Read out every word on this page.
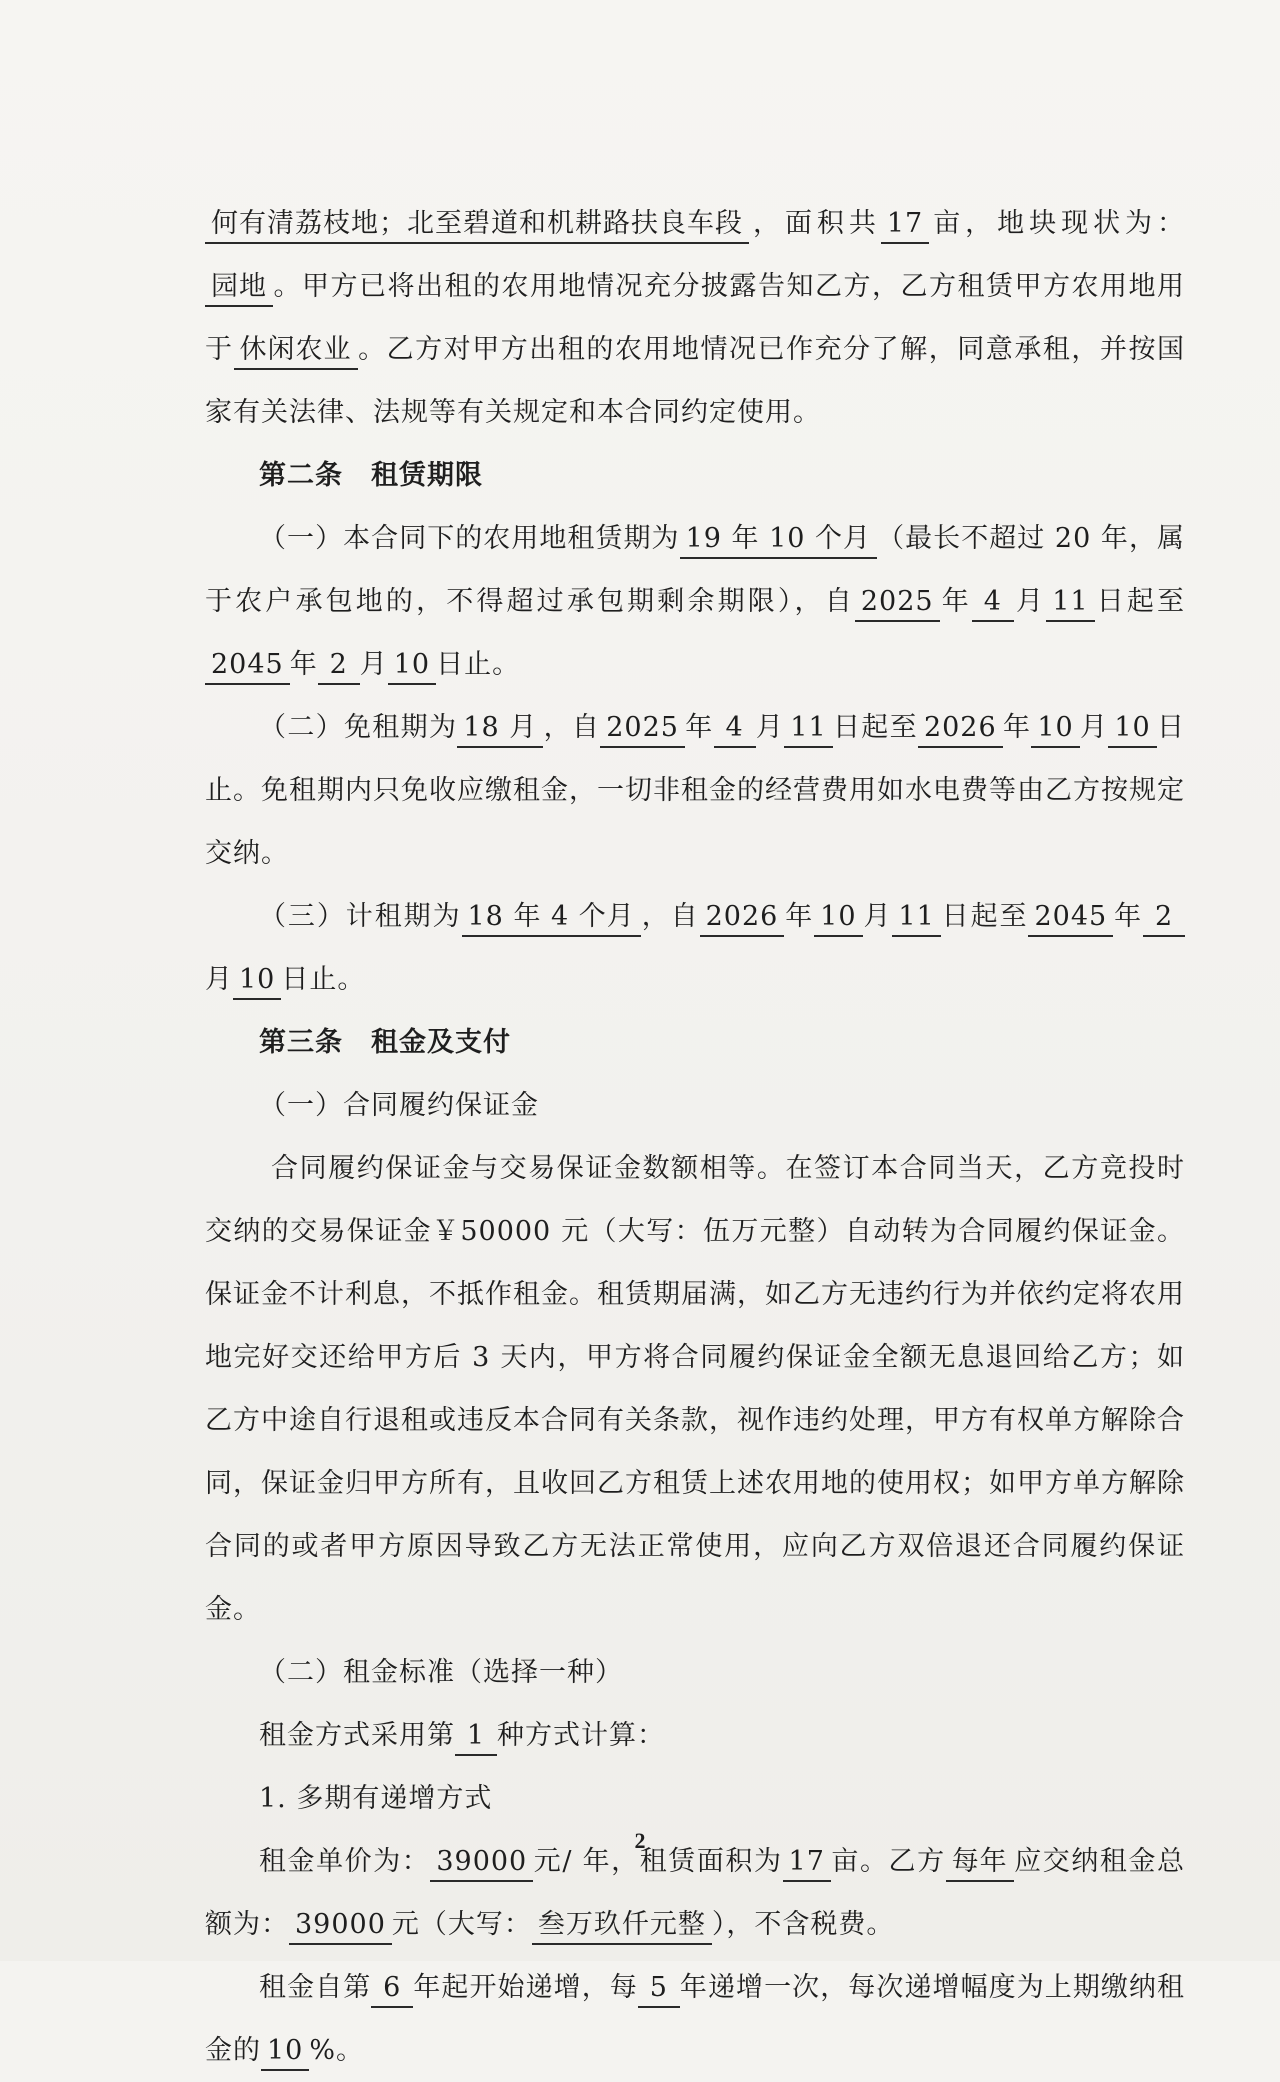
何有清荔枝地；北至碧道和机耕路扶良车段 ，面积共 17 亩，地块现状为：园地 。甲方已将出租的农用地情况充分披露告知乙方，乙方租赁甲方农用地用于 休闲农业 。乙方对甲方出租的农用地情况已作充分了解，同意承租，并按国家有关法律、法规等有关规定和本合同约定使用。

第二条　租赁期限

（一）本合同下的农用地租赁期为 19 年 10 个月 （最长不超过 20 年，属于农户承包地的，不得超过承包期剩余期限），自 2025 年 4 月 11 日起至2045 年 2 月 10 日止。

（二）免租期为 18 月 ，自 2025 年 4 月 11 日起至 2026 年 10 月 10 日止。免租期内只免收应缴租金，一切非租金的经营费用如水电费等由乙方按规定交纳。

（三）计租期为 18 年 4 个月 ，自 2026 年 10 月 11 日起至 2045 年 2月 10 日止。

第三条　租金及支付

（一）合同履约保证金

合同履约保证金与交易保证金数额相等。在签订本合同当天，乙方竞投时交纳的交易保证金￥50000 元（大写：伍万元整）自动转为合同履约保证金。保证金不计利息，不抵作租金。租赁期届满，如乙方无违约行为并依约定将农用地完好交还给甲方后 3 天内，甲方将合同履约保证金全额无息退回给乙方；如乙方中途自行退租或违反本合同有关条款，视作违约处理，甲方有权单方解除合同，保证金归甲方所有，且收回乙方租赁上述农用地的使用权；如甲方单方解除合同的或者甲方原因导致乙方无法正常使用，应向乙方双倍退还合同履约保证金。

（二）租金标准（选择一种）

租金方式采用第 1 种方式计算：

1. 多期有递增方式

租金单价为： 39000 元/ 年，租赁面积为 17 亩。乙方 每年 应交纳租金总额为： 39000 元（大写： 叁万玖仟元整 ），不含税费。

租金自第 6 年起开始递增，每 5 年递增一次，每次递增幅度为上期缴纳租金的 10 %。

2
